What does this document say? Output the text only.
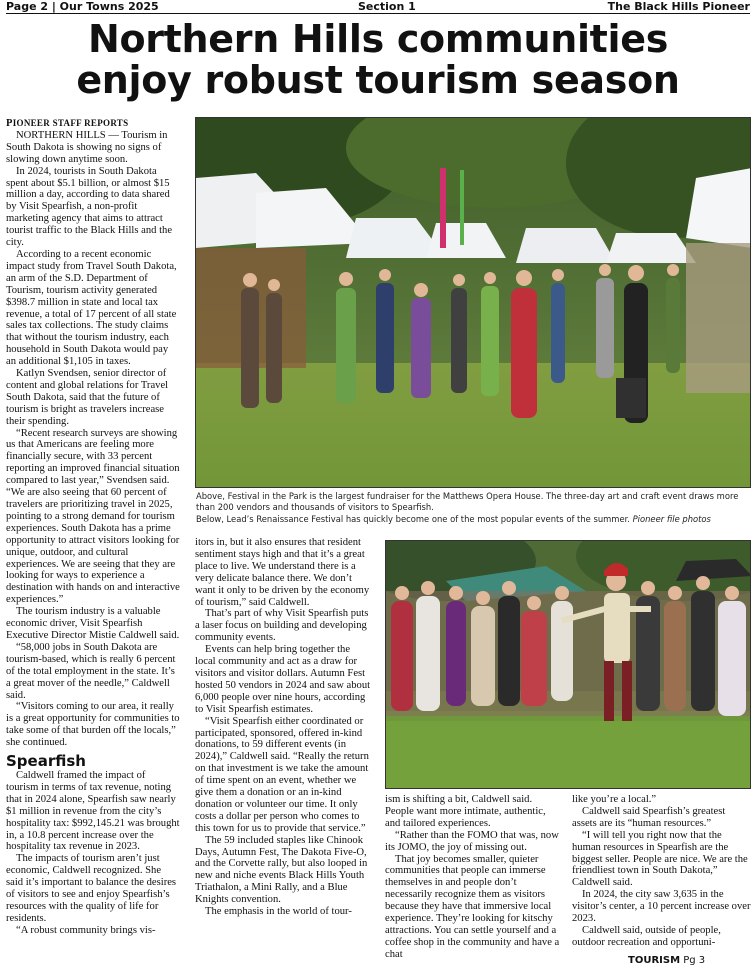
Page 2 | Our Towns 2025	Section 1	The Black Hills Pioneer
Northern Hills communities
enjoy robust tourism season
PIONEER STAFF REPORTS

NORTHERN HILLS — Tourism in South Dakota is showing no signs of slowing down anytime soon.

In 2024, tourists in South Dakota spent about $5.1 billion, or almost $15 million a day, according to data shared by Visit Spearfish, a non-profit marketing agency that aims to attract tourist traffic to the Black Hills and the city.

According to a recent economic impact study from Travel South Dakota, an arm of the S.D. Department of Tourism, tourism activity generated $398.7 million in state and local tax revenue, a total of 17 percent of all state sales tax collections. The study claims that without the tourism industry, each household in South Dakota would pay an additional $1,105 in taxes.

Katlyn Svendsen, senior director of content and global relations for Travel South Dakota, said that the future of tourism is bright as travelers increase their spending.

“Recent research surveys are showing us that Americans are feeling more financially secure, with 33 percent reporting an improved financial situation compared to last year,” Svendsen said. “We are also seeing that 60 percent of travelers are prioritizing travel in 2025, pointing to a strong demand for tourism experiences. South Dakota has a prime opportunity to attract visitors looking for unique, outdoor, and cultural experiences. We are seeing that they are looking for ways to experience a destination with hands on and interactive experiences.”

The tourism industry is a valuable economic driver, Visit Spearfish Executive Director Mistie Caldwell said.

“58,000 jobs in South Dakota are tourism-based, which is really 6 percent of the total employment in the state. It’s a great mover of the needle,” Caldwell said.

“Visitors coming to our area, it really is a great opportunity for communities to take some of that burden off the locals,” she continued.

Spearfish

Caldwell framed the impact of tourism in terms of tax revenue, noting that in 2024 alone, Spearfish saw nearly $1 million in revenue from the city’s hospitality tax: $992,145.21 was brought in, a 10.8 percent increase over the hospitality tax revenue in 2023.

The impacts of tourism aren’t just economic, Caldwell recognized. She said it’s important to balance the desires of visitors to see and enjoy Spearfish’s resources with the quality of life for residents.

“A robust community brings vis-

Above, Festival in the Park is the largest fundraiser for the Matthews Opera House. The three-day art and craft event draws more than 200 vendors and thousands of visitors to Spearfish.
Below, Lead’s Renaissance Festival has quickly become one of the most popular events of the summer. Pioneer file photos

itors in, but it also ensures that resident sentiment stays high and that it’s a great place to live. We understand there is a very delicate balance there. We don’t want it only to be driven by the economy of tourism,” said Caldwell.

That’s part of why Visit Spearfish puts a laser focus on building and developing community events.

Events can help bring together the local community and act as a draw for visitors and visitor dollars. Autumn Fest hosted 50 vendors in 2024 and saw about 6,000 people over nine hours, according to Visit Spearfish estimates.

“Visit Spearfish either coordinated or participated, sponsored, offered in-kind donations, to 59 different events (in 2024),” Caldwell said. “Really the return on that investment is we take the amount of time spent on an event, whether we give them a donation or an in-kind donation or volunteer our time. It only costs a dollar per person who comes to this town for us to provide that service.”

The 59 included staples like Chinook Days, Autumn Fest, The Dakota Five-O, and the Corvette rally, but also looped in new and niche events Black Hills Youth Triathalon, a Mini Rally, and a Blue Knights convention.

The emphasis in the world of tour-

ism is shifting a bit, Caldwell said. People want more intimate, authentic, and tailored experiences.

“Rather than the FOMO that was, now its JOMO, the joy of missing out.

That joy becomes smaller, quieter communities that people can immerse themselves in and people don’t necessarily recognize them as visitors because they have that immersive local experience. They’re looking for kitschy attractions. You can settle yourself and a coffee shop in the community and have a chat

like you’re a local.”

Caldwell said Spearfish’s greatest assets are its “human resources.”

“I will tell you right now that the human resources in Spearfish are the biggest seller. People are nice. We are the friendliest town in South Dakota,” Caldwell said.

In 2024, the city saw 3,635 in the visitor’s center, a 10 percent increase over 2023.

Caldwell said, outside of people, outdoor recreation and opportuni-

TOURISM Pg 3
